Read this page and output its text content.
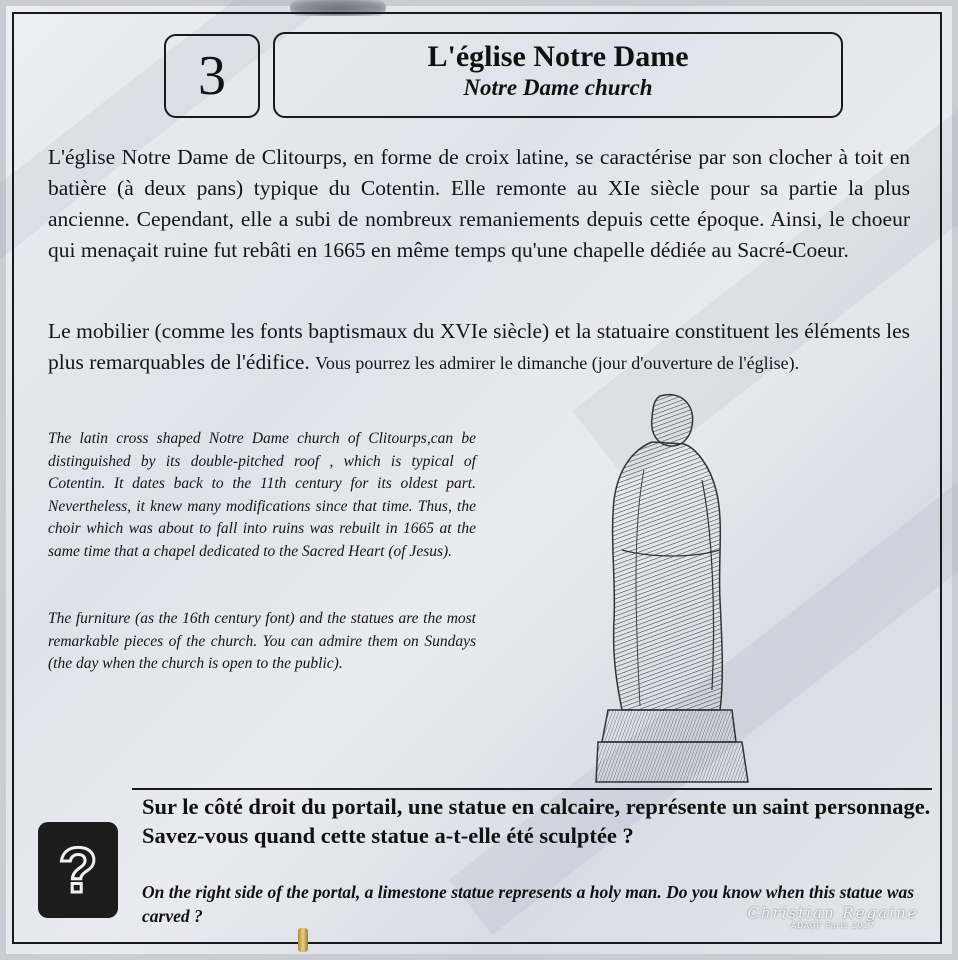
3	L'église Notre Dame
Notre Dame church

L'église Notre Dame de Clitourps, en forme de croix latine, se caractérise par son clocher à toit en batière (à deux pans) typique du Cotentin. Elle remonte au XIe siècle pour sa partie la plus ancienne. Cependant, elle a subi de nombreux remaniements depuis cette époque. Ainsi, le choeur qui menaçait ruine fut rebâti en 1665 en même temps qu'une chapelle dédiée au Sacré-Coeur.

Le mobilier (comme les fonts baptismaux du XVIe siècle) et la statuaire constituent les éléments les plus remarquables de l'édifice. Vous pourrez les admirer le dimanche (jour d'ouverture de l'église).

The latin cross shaped Notre Dame church of Clitourps,can be distinguished by its double-pitched roof , which is typical of Cotentin. It dates back to the 11th century for its oldest part. Nevertheless, it knew many modifications since that time. Thus, the choir which was about to fall into ruins was rebuilt in 1665 at the same time that a chapel dedicated to the Sacred Heart (of Jesus).

The furniture (as the 16th century font) and the statues are the most remarkable pieces of the church. You can admire them on Sundays (the day when the church is open to the public).

?

Sur le côté droit du portail, une statue en calcaire, représente un saint personnage. Savez-vous quand cette statue a-t-elle été sculptée ?

On the right side of the portal, a limestone statue represents a holy man. Do you know when this statue was carved ?	Christian Regaine
ADAGP Paris 2017
